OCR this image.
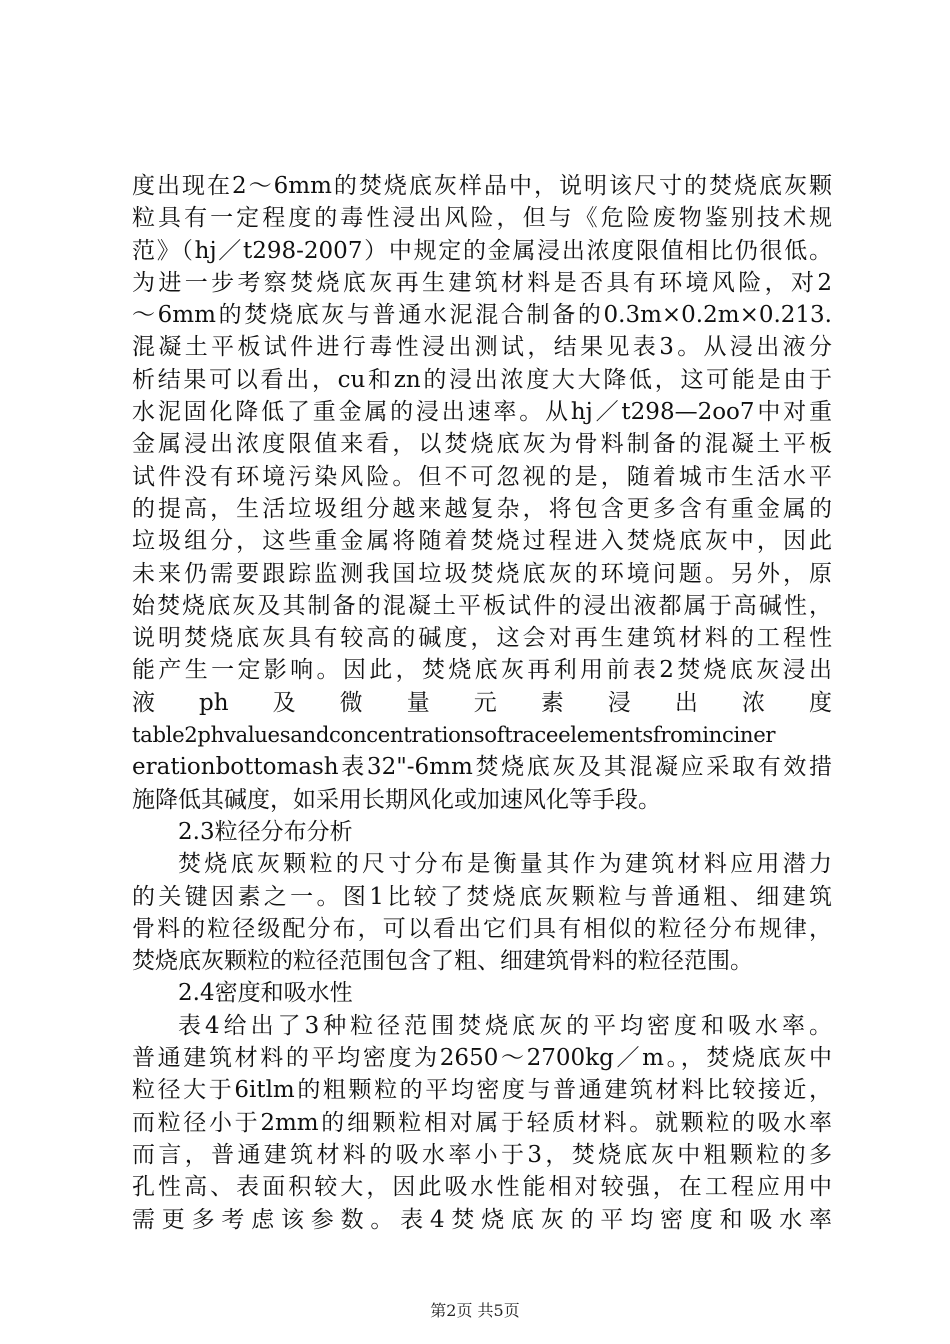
度出现在2～6mm的焚烧底灰样品中，说明该尺寸的焚烧底灰颗
粒具有一定程度的毒性浸出风险，但与《危险废物鉴别技术规
范》（hj／t298-2007）中规定的金属浸出浓度限值相比仍很低。
为进一步考察焚烧底灰再生建筑材料是否具有环境风险，对2
～6mm的焚烧底灰与普通水泥混合制备的0.3m×0.2m×0.213.
混凝土平板试件进行毒性浸出测试，结果见表3。从浸出液分
析结果可以看出，cu和zn的浸出浓度大大降低，这可能是由于
水泥固化降低了重金属的浸出速率。从hj／t298—2oo7中对重
金属浸出浓度限值来看，以焚烧底灰为骨料制备的混凝土平板
试件没有环境污染风险。但不可忽视的是，随着城市生活水平
的提高，生活垃圾组分越来越复杂，将包含更多含有重金属的
垃圾组分，这些重金属将随着焚烧过程进入焚烧底灰中，因此
未来仍需要跟踪监测我国垃圾焚烧底灰的环境问题。另外，原
始焚烧底灰及其制备的混凝土平板试件的浸出液都属于高碱性，
说明焚烧底灰具有较高的碱度，这会对再生建筑材料的工程性
能产生一定影响。因此，焚烧底灰再利用前表2焚烧底灰浸出
液　ph　及　微　量　元　素　浸　出　浓　度
table2phvaluesandconcentrationsoftraceelementsfrominciner
erationbottomash表32"-6mm焚烧底灰及其混凝应采取有效措
施降低其碱度，如采用长期风化或加速风化等手段。
2.3粒径分布分析
焚烧底灰颗粒的尺寸分布是衡量其作为建筑材料应用潜力
的关键因素之一。图1比较了焚烧底灰颗粒与普通粗、细建筑
骨料的粒径级配分布，可以看出它们具有相似的粒径分布规律，
焚烧底灰颗粒的粒径范围包含了粗、细建筑骨料的粒径范围。
2.4密度和吸水性
表4给出了3种粒径范围焚烧底灰的平均密度和吸水率。
普通建筑材料的平均密度为2650～2700kg／m。，焚烧底灰中
粒径大于6itlm的粗颗粒的平均密度与普通建筑材料比较接近，
而粒径小于2mm的细颗粒相对属于轻质材料。就颗粒的吸水率
而言，普通建筑材料的吸水率小于3，焚烧底灰中粗颗粒的多
孔性高、表面积较大，因此吸水性能相对较强，在工程应用中
需更多考虑该参数。表4焚烧底灰的平均密度和吸水率
第2页 共5页
